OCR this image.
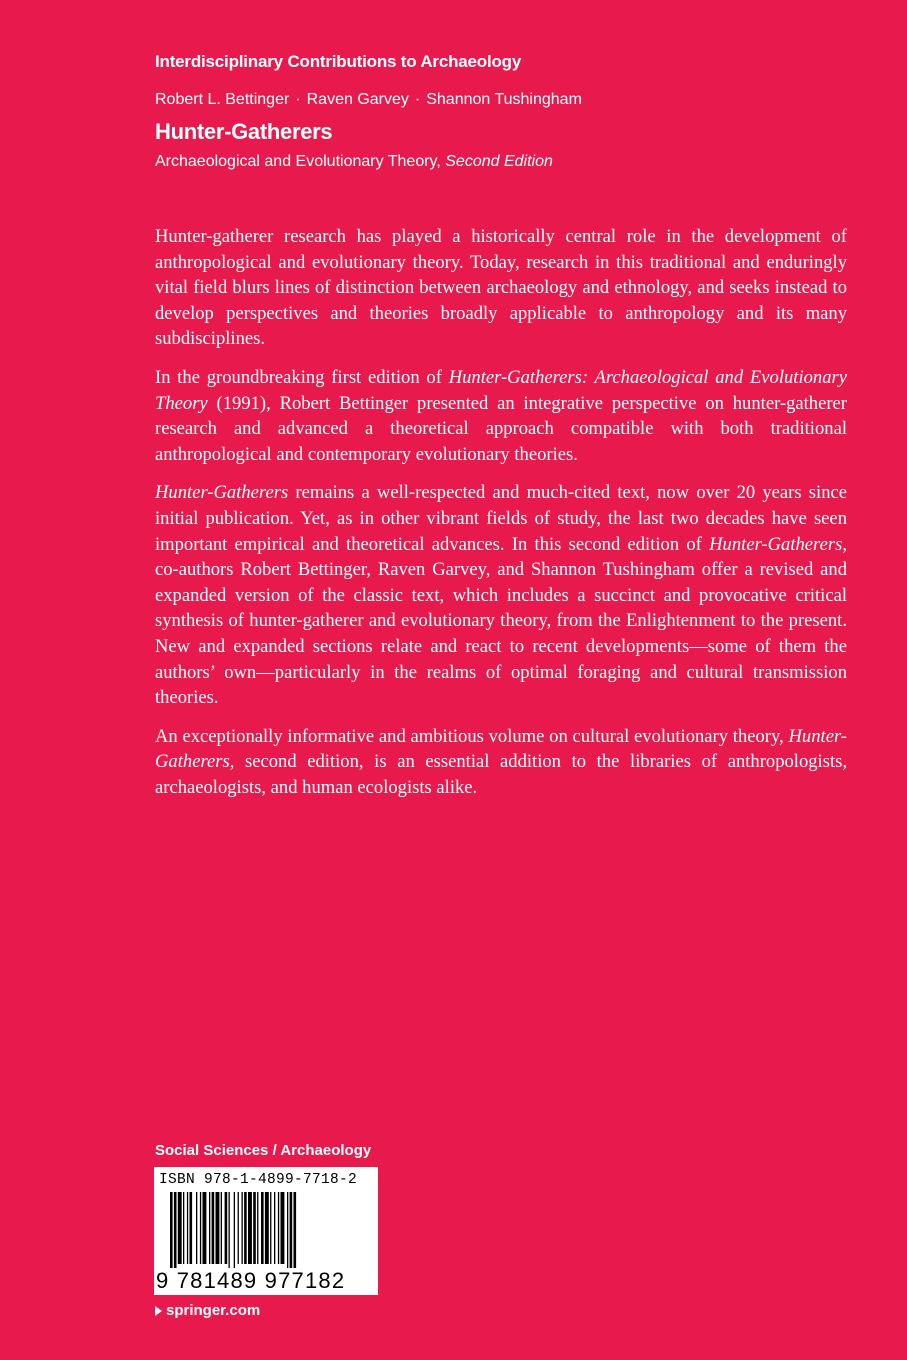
Interdisciplinary Contributions to Archaeology
Robert L. Bettinger · Raven Garvey · Shannon Tushingham
Hunter-Gatherers
Archaeological and Evolutionary Theory, Second Edition

Hunter-gatherer research has played a historically central role in the development of anthropological and evolutionary theory. Today, research in this traditional and enduringly vital field blurs lines of distinction between archaeology and ethnology, and seeks instead to develop perspectives and theories broadly applicable to anthropology and its many subdisciplines.

In the groundbreaking first edition of Hunter-Gatherers: Archaeological and Evolutionary Theory (1991), Robert Bettinger presented an integrative perspective on hunter-gatherer research and advanced a theoretical approach compatible with both traditional anthropological and contemporary evolutionary theories.

Hunter-Gatherers remains a well-respected and much-cited text, now over 20 years since initial publication. Yet, as in other vibrant fields of study, the last two decades have seen important empirical and theoretical advances. In this second edition of Hunter-Gatherers, co-authors Robert Bettinger, Raven Garvey, and Shannon Tushingham offer a revised and expanded version of the classic text, which includes a succinct and provocative critical synthesis of hunter-gatherer and evolutionary theory, from the Enlightenment to the present. New and expanded sections relate and react to recent developments—some of them the authors’ own—particularly in the realms of optimal foraging and cultural transmission theories.

An exceptionally informative and ambitious volume on cultural evolutionary theory, Hunter-Gatherers, second edition, is an essential addition to the libraries of anthropologists, archaeologists, and human ecologists alike.

Social Sciences / Archaeology
ISBN 978-1-4899-7718-2
9 781489 977182
springer.com
